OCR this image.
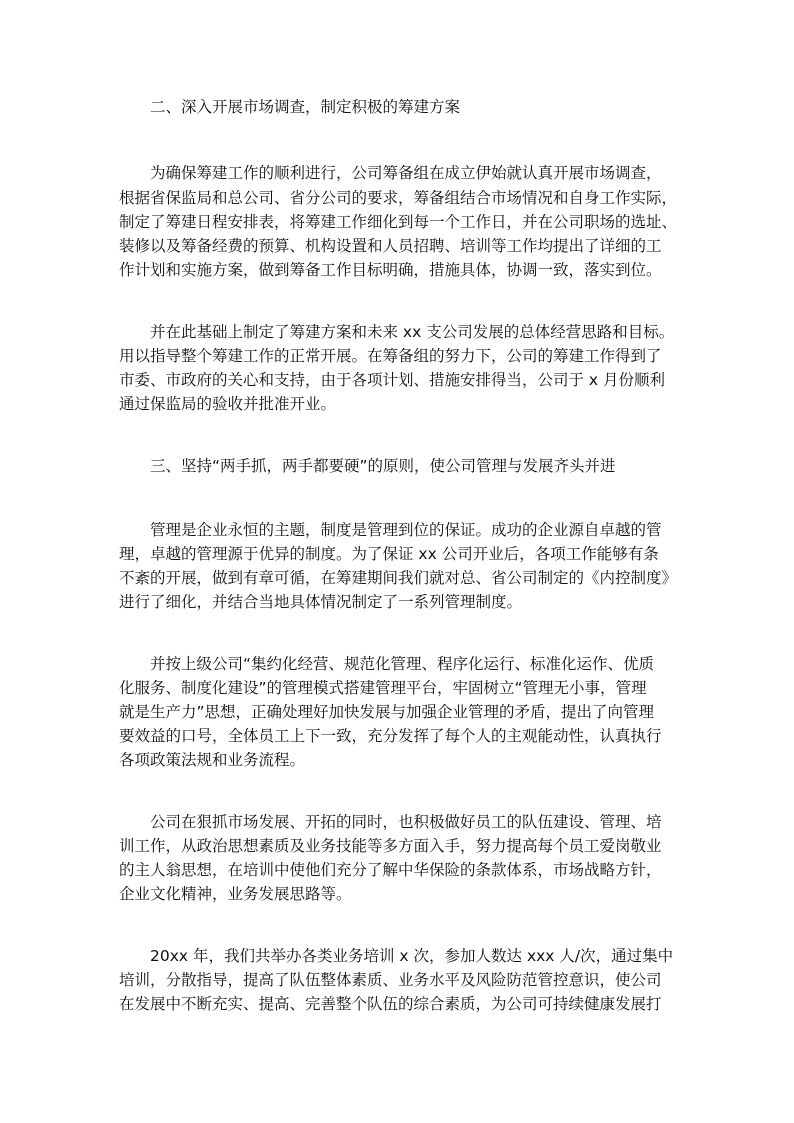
二、深入开展市场调查，制定积极的筹建方案
为确保筹建工作的顺利进行，公司筹备组在成立伊始就认真开展市场调查，
根据省保监局和总公司、省分公司的要求，筹备组结合市场情况和自身工作实际，
制定了筹建日程安排表，将筹建工作细化到每一个工作日，并在公司职场的选址、
装修以及筹备经费的预算、机构设置和人员招聘、培训等工作均提出了详细的工
作计划和实施方案，做到筹备工作目标明确，措施具体，协调一致，落实到位。
并在此基础上制定了筹建方案和未来 xx 支公司发展的总体经营思路和目标。
用以指导整个筹建工作的正常开展。在筹备组的努力下，公司的筹建工作得到了
市委、市政府的关心和支持，由于各项计划、措施安排得当，公司于 x 月份顺利
通过保监局的验收并批准开业。
三、坚持“两手抓，两手都要硬”的原则，使公司管理与发展齐头并进
管理是企业永恒的主题，制度是管理到位的保证。成功的企业源自卓越的管
理，卓越的管理源于优异的制度。为了保证 xx 公司开业后，各项工作能够有条
不紊的开展，做到有章可循，在筹建期间我们就对总、省公司制定的《内控制度》
进行了细化，并结合当地具体情况制定了一系列管理制度。
并按上级公司“集约化经营、规范化管理、程序化运行、标准化运作、优质
化服务、制度化建设”的管理模式搭建管理平台，牢固树立“管理无小事，管理
就是生产力”思想，正确处理好加快发展与加强企业管理的矛盾，提出了向管理
要效益的口号，全体员工上下一致，充分发挥了每个人的主观能动性，认真执行
各项政策法规和业务流程。
公司在狠抓市场发展、开拓的同时，也积极做好员工的队伍建设、管理、培
训工作，从政治思想素质及业务技能等多方面入手，努力提高每个员工爱岗敬业
的主人翁思想，在培训中使他们充分了解中华保险的条款体系，市场战略方针，
企业文化精神，业务发展思路等。
20xx 年，我们共举办各类业务培训 x 次，参加人数达 xxx 人/次，通过集中
培训，分散指导，提高了队伍整体素质、业务水平及风险防范管控意识，使公司
在发展中不断充实、提高、完善整个队伍的综合素质，为公司可持续健康发展打
